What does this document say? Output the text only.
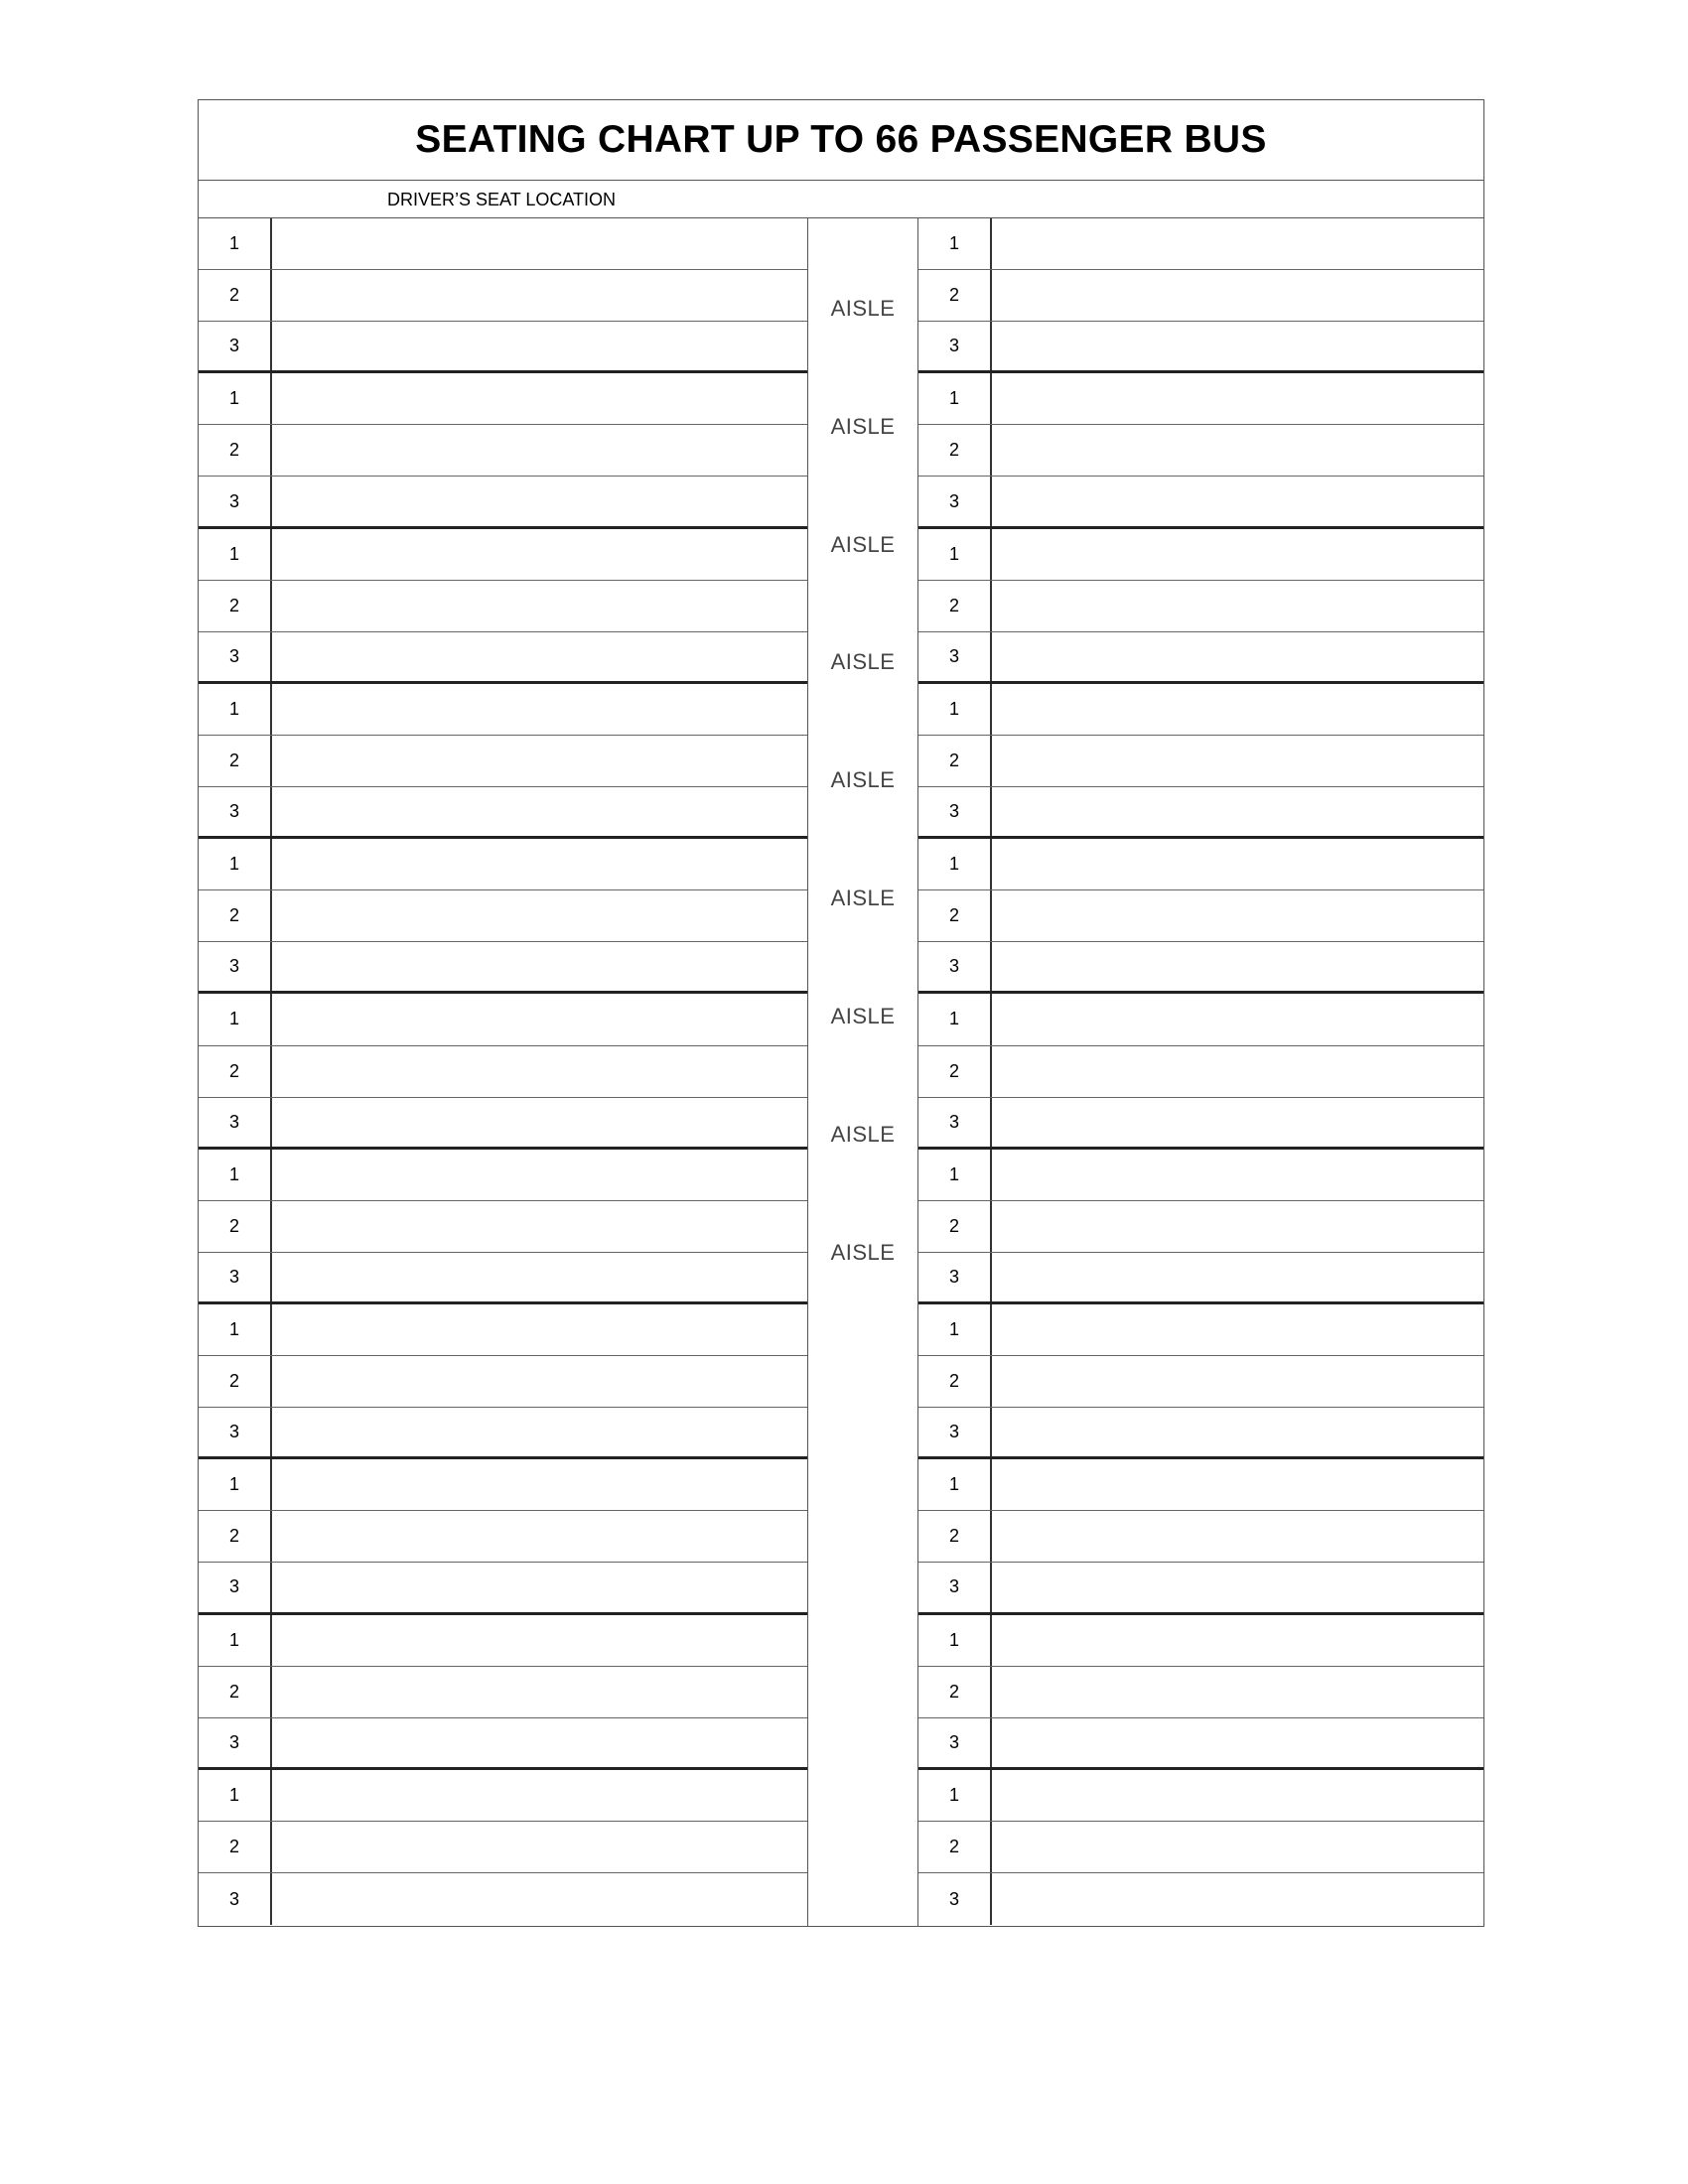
SEATING CHART UP TO 66 PASSENGER BUS
DRIVER’S SEAT LOCATION
1
2
3
1
2
3
1
2
3
1
2
3
1
2
3
1
2
3
1
2
3
1
2
3
1
2
3
1
2
3
1
2
3
AISLE
AISLE
AISLE
AISLE
AISLE
AISLE
AISLE
AISLE
AISLE
1
2
3
1
2
3
1
2
3
1
2
3
1
2
3
1
2
3
1
2
3
1
2
3
1
2
3
1
2
3
1
2
3
